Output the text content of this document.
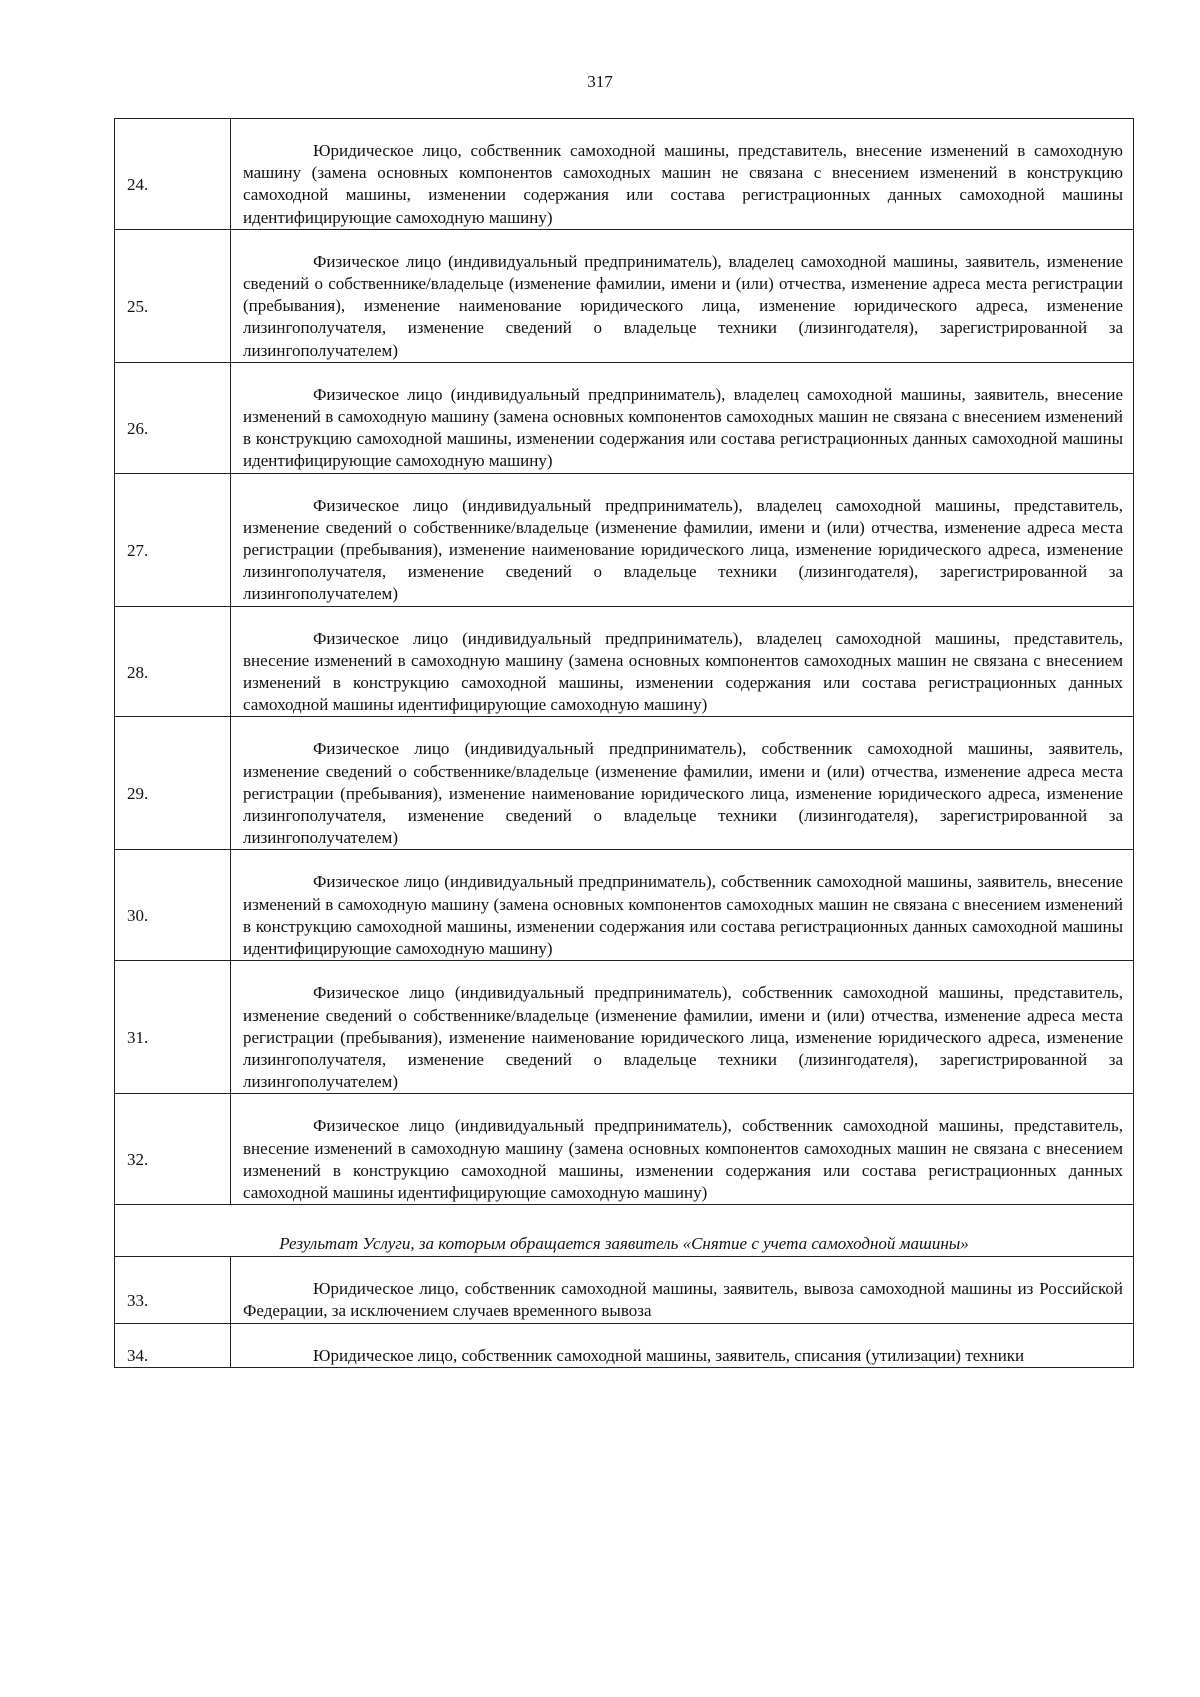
317
24.	Юридическое лицо, собственник самоходной машины, представитель, внесение изменений в самоходную машину (замена основных компонентов самоходных машин не связана с внесением изменений в конструкцию самоходной машины, изменении содержания или состава регистрационных данных самоходной машины идентифицирующие самоходную машину)

25.	Физическое лицо (индивидуальный предприниматель), владелец самоходной машины, заявитель, изменение сведений о собственнике/владельце (изменение фамилии, имени и (или) отчества, изменение адреса места регистрации (пребывания), изменение наименование юридического лица, изменение юридического адреса, изменение лизингополучателя, изменение сведений о владельце техники (лизингодателя), зарегистрированной за лизингополучателем)

26.	Физическое лицо (индивидуальный предприниматель), владелец самоходной машины, заявитель, внесение изменений в самоходную машину (замена основных компонентов самоходных машин не связана с внесением изменений в конструкцию самоходной машины, изменении содержания или состава регистрационных данных самоходной машины идентифицирующие самоходную машину)

27.	Физическое лицо (индивидуальный предприниматель), владелец самоходной машины, представитель, изменение сведений о собственнике/владельце (изменение фамилии, имени и (или) отчества, изменение адреса места регистрации (пребывания), изменение наименование юридического лица, изменение юридического адреса, изменение лизингополучателя, изменение сведений о владельце техники (лизингодателя), зарегистрированной за лизингополучателем)

28.	Физическое лицо (индивидуальный предприниматель), владелец самоходной машины, представитель, внесение изменений в самоходную машину (замена основных компонентов самоходных машин не связана с внесением изменений в конструкцию самоходной машины, изменении содержания или состава регистрационных данных самоходной машины идентифицирующие самоходную машину)

29.	Физическое лицо (индивидуальный предприниматель), собственник самоходной машины, заявитель, изменение сведений о собственнике/владельце (изменение фамилии, имени и (или) отчества, изменение адреса места регистрации (пребывания), изменение наименование юридического лица, изменение юридического адреса, изменение лизингополучателя, изменение сведений о владельце техники (лизингодателя), зарегистрированной за лизингополучателем)

30.	Физическое лицо (индивидуальный предприниматель), собственник самоходной машины, заявитель, внесение изменений в самоходную машину (замена основных компонентов самоходных машин не связана с внесением изменений в конструкцию самоходной машины, изменении содержания или состава регистрационных данных самоходной машины идентифицирующие самоходную машину)

31.	Физическое лицо (индивидуальный предприниматель), собственник самоходной машины, представитель, изменение сведений о собственнике/владельце (изменение фамилии, имени и (или) отчества, изменение адреса места регистрации (пребывания), изменение наименование юридического лица, изменение юридического адреса, изменение лизингополучателя, изменение сведений о владельце техники (лизингодателя), зарегистрированной за лизингополучателем)

32.	Физическое лицо (индивидуальный предприниматель), собственник самоходной машины, представитель, внесение изменений в самоходную машину (замена основных компонентов самоходных машин не связана с внесением изменений в конструкцию самоходной машины, изменении содержания или состава регистрационных данных самоходной машины идентифицирующие самоходную машину)

Результат Услуги, за которым обращается заявитель «Снятие с учета самоходной машины»	

33.	Юридическое лицо, собственник самоходной машины, заявитель, вывоза самоходной машины из Российской Федерации, за исключением случаев временного вывоза

34.	Юридическое лицо, собственник самоходной машины, заявитель, списания (утилизации) техники
